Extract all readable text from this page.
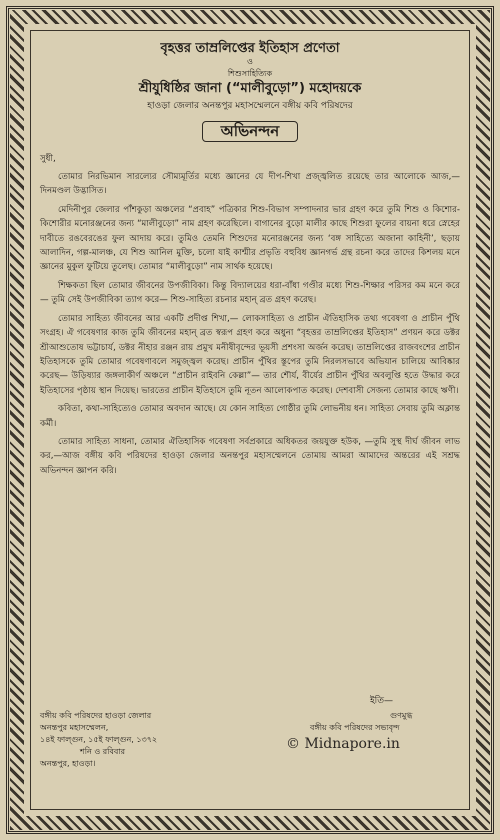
বৃহত্তর তাম্রলিপ্তের ইতিহাস প্রণেতা
ও
শিশুসাহিত্যিক
শ্রীযুধিষ্ঠির জানা (“মালীবুড়ো”) মহোদয়কে
হাওড়া জেলার অনন্তপুর মহাসম্মেলনে বঙ্গীয় কবি পরিষদের
অভিনন্দন

সুধী,

তোমার নিরভিমান সারল্যের সৌম্যমূর্তির মধ্যে জ্ঞানের যে দীপ-শিখা প্রজ্জ্বলিত রয়েছে তার আলোকে আজ,— দিনমণ্ডল উদ্ভাসিত।

মেদিনীপুর জেলার পাঁশকুড়া অঞ্চলের “প্রবাহ” পত্রিকার শিশু-বিভাগ সম্পাদনার ভার গ্রহণ করে তুমি শিশু ও কিশোর-কিশোরীর মনোরঞ্জনের জন্য “মালীবুড়ো” নাম গ্রহণ করেছিলে। বাগানের বুড়ো মালীর কাছে শিশুরা ফুলের বায়না ধরে স্নেহের দাবীতে রঙবেরঙের ফুল আদায় করে। তুমিও তেমনি শিশুদের মনোরঞ্জনের জন্য ‘বঙ্গ সাহিত্যে অজানা কাহিনী’, ছড়ায় আলাদিন, গল্প-মালঞ্চ, যে শিশু আনিল মুক্তি, চলো যাই কাশ্মীর প্রভৃতি বহুবিধ জ্ঞানগর্ভ গ্রন্থ রচনা করে তাদের কিশলয় মনে জ্ঞানের মুকুল ফুটিয়ে তুলেছ। তোমার “মালীবুড়ো” নাম সার্থক হয়েছে।

শিক্ষকতা ছিল তোমার জীবনের উপজীবিকা। কিন্তু বিদ্যালয়ের ধরা-বাঁধা গণ্ডীর মধ্যে শিশু-শিক্ষার পরিসর কম মনে করে— তুমি সেই উপজীবিকা ত্যাগ করে— শিশু-সাহিত্য রচনার মহান্‌ ব্রত গ্রহণ করেছ।

তোমার সাহিত্য জীবনের আর একটি প্রদীপ্ত শিখা,— লোকসাহিত্য ও প্রাচীন ঐতিহাসিক তথ্য গবেষণা ও প্রাচীন পুঁথি সংগ্রহ। ঐ গবেষণার কাজ তুমি জীবনের মহান্‌ ব্রত স্বরূপ গ্রহণ করে অধুনা “বৃহত্তর তাম্রলিপ্তের ইতিহাস” প্রণয়ন করে ডক্টর শ্রীআশুতোষ ভট্টাচার্য, ডক্টর নীহার রঞ্জন রায় প্রমুখ মনীষীবৃন্দের ভূয়সী প্রশংসা অর্জন করেছ। তাম্রলিপ্তের রাজবংশের প্রাচীন ইতিহাসকে তুমি তোমার গবেষণাবলে সমুজ্জ্বল করেছ। প্রাচীন পুঁথির স্তূপের তুমি নিরলসভাবে অভিযান চালিয়ে আবিষ্কার করেছ— উড়িষ্যার জঙ্গলাকীর্ণ অঞ্চলে “প্রাচীন রাইবনি কেল্লা”— তার শৌর্য, বীর্যের প্রাচীন পুঁথির অবলুপ্তি হতে উদ্ধার করে ইতিহাসের পৃষ্ঠায় স্থান দিয়েছ। ভারতের প্রাচীন ইতিহাসে তুমি নূতন আলোকপাত করেছ। দেশবাসী সেজন্য তোমার কাছে ঋণী।

কবিতা, কথা-সাহিত্যেও তোমার অবদান আছে। যে কোন সাহিত্য গোষ্ঠীর তুমি লোভনীয় ধন। সাহিত্য সেবায় তুমি অক্লান্ত কর্মী।

তোমার সাহিত্য সাধনা, তোমার ঐতিহাসিক গবেষণা সর্বপ্রকারে অধিকতর জয়যুক্ত হউক, —তুমি সুস্থ দীর্ঘ জীবন লাভ কর,—আজ বঙ্গীয় কবি পরিষদের হাওড়া জেলার অনন্তপুর মহাসম্মেলনে তোমায় আমরা আমাদের অন্তরের এই সশ্রদ্ধ অভিনন্দন জ্ঞাপন করি।

ইতি—
বঙ্গীয় কবি পরিষদের হাওড়া জেলার
অনন্তপুর মহাসম্মেলন,
১৪ই ফাল্গুন, ১৫ই ফাল্গুন, ১৩৭২
শনি ও রবিবার
অনন্তপুর, হাওড়া।
গুণমুগ্ধ
বঙ্গীয় কবি পরিষদের সভ্যবৃন্দ
© Midnapore.in
